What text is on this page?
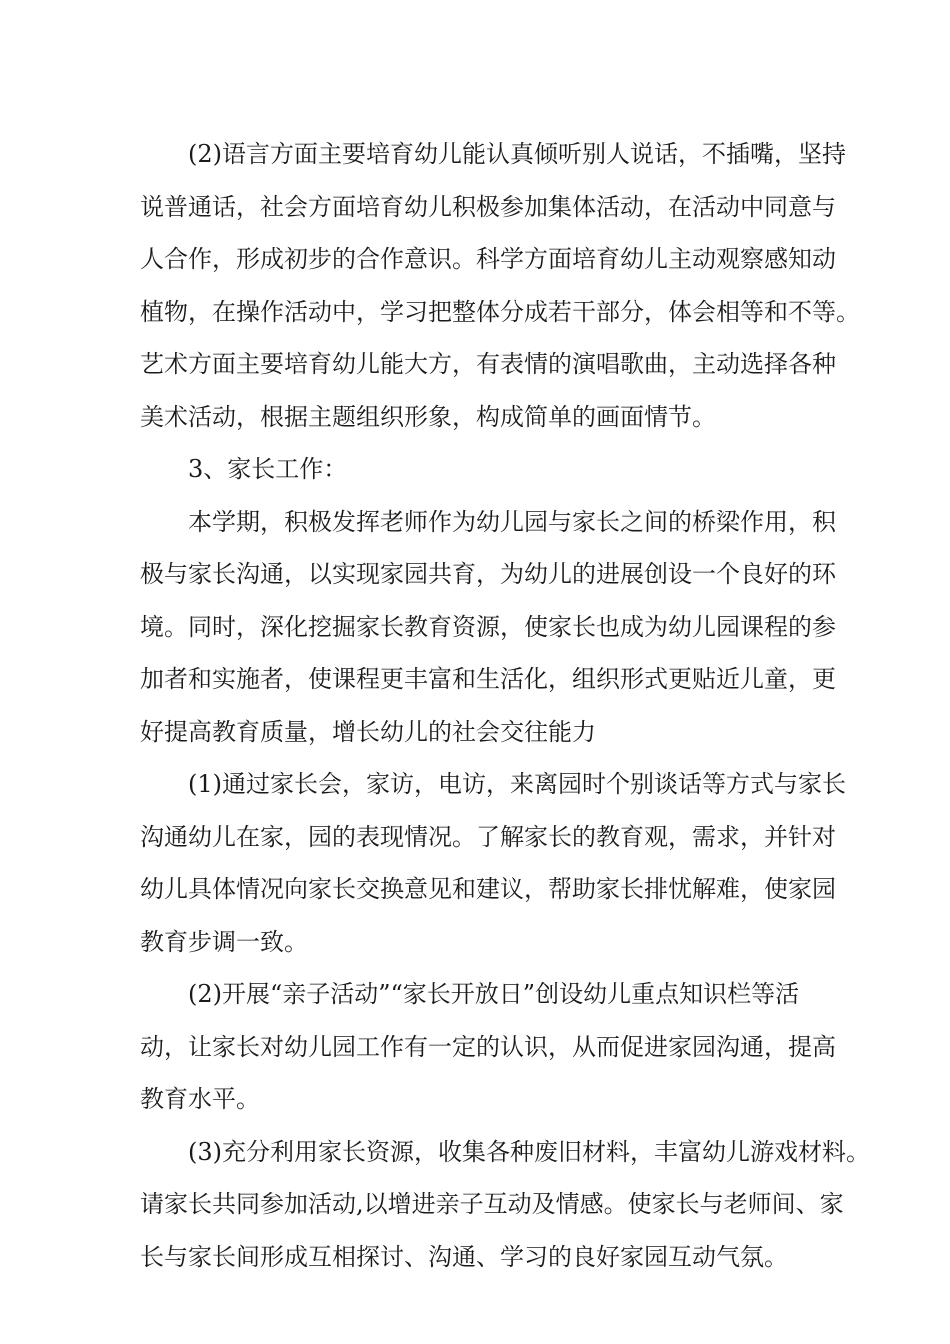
(2)语言方面主要培育幼儿能认真倾听别人说话，不插嘴，坚持
说普通话，社会方面培育幼儿积极参加集体活动，在活动中同意与
人合作，形成初步的合作意识。科学方面培育幼儿主动观察感知动
植物，在操作活动中，学习把整体分成若干部分，体会相等和不等。
艺术方面主要培育幼儿能大方，有表情的演唱歌曲，主动选择各种
美术活动，根据主题组织形象，构成简单的画面情节。
3、家长工作：
本学期，积极发挥老师作为幼儿园与家长之间的桥梁作用，积
极与家长沟通，以实现家园共育，为幼儿的进展创设一个良好的环
境。同时，深化挖掘家长教育资源，使家长也成为幼儿园课程的参
加者和实施者，使课程更丰富和生活化，组织形式更贴近儿童，更
好提高教育质量，增长幼儿的社会交往能力
(1)通过家长会，家访，电访，来离园时个别谈话等方式与家长
沟通幼儿在家，园的表现情况。了解家长的教育观，需求，并针对
幼儿具体情况向家长交换意见和建议，帮助家长排忧解难，使家园
教育步调一致。
(2)开展“亲子活动”“家长开放日”创设幼儿重点知识栏等活
动，让家长对幼儿园工作有一定的认识，从而促进家园沟通，提高
教育水平。
(3)充分利用家长资源，收集各种废旧材料，丰富幼儿游戏材料。
请家长共同参加活动,以增进亲子互动及情感。使家长与老师间、家
长与家长间形成互相探讨、沟通、学习的良好家园互动气氛。
